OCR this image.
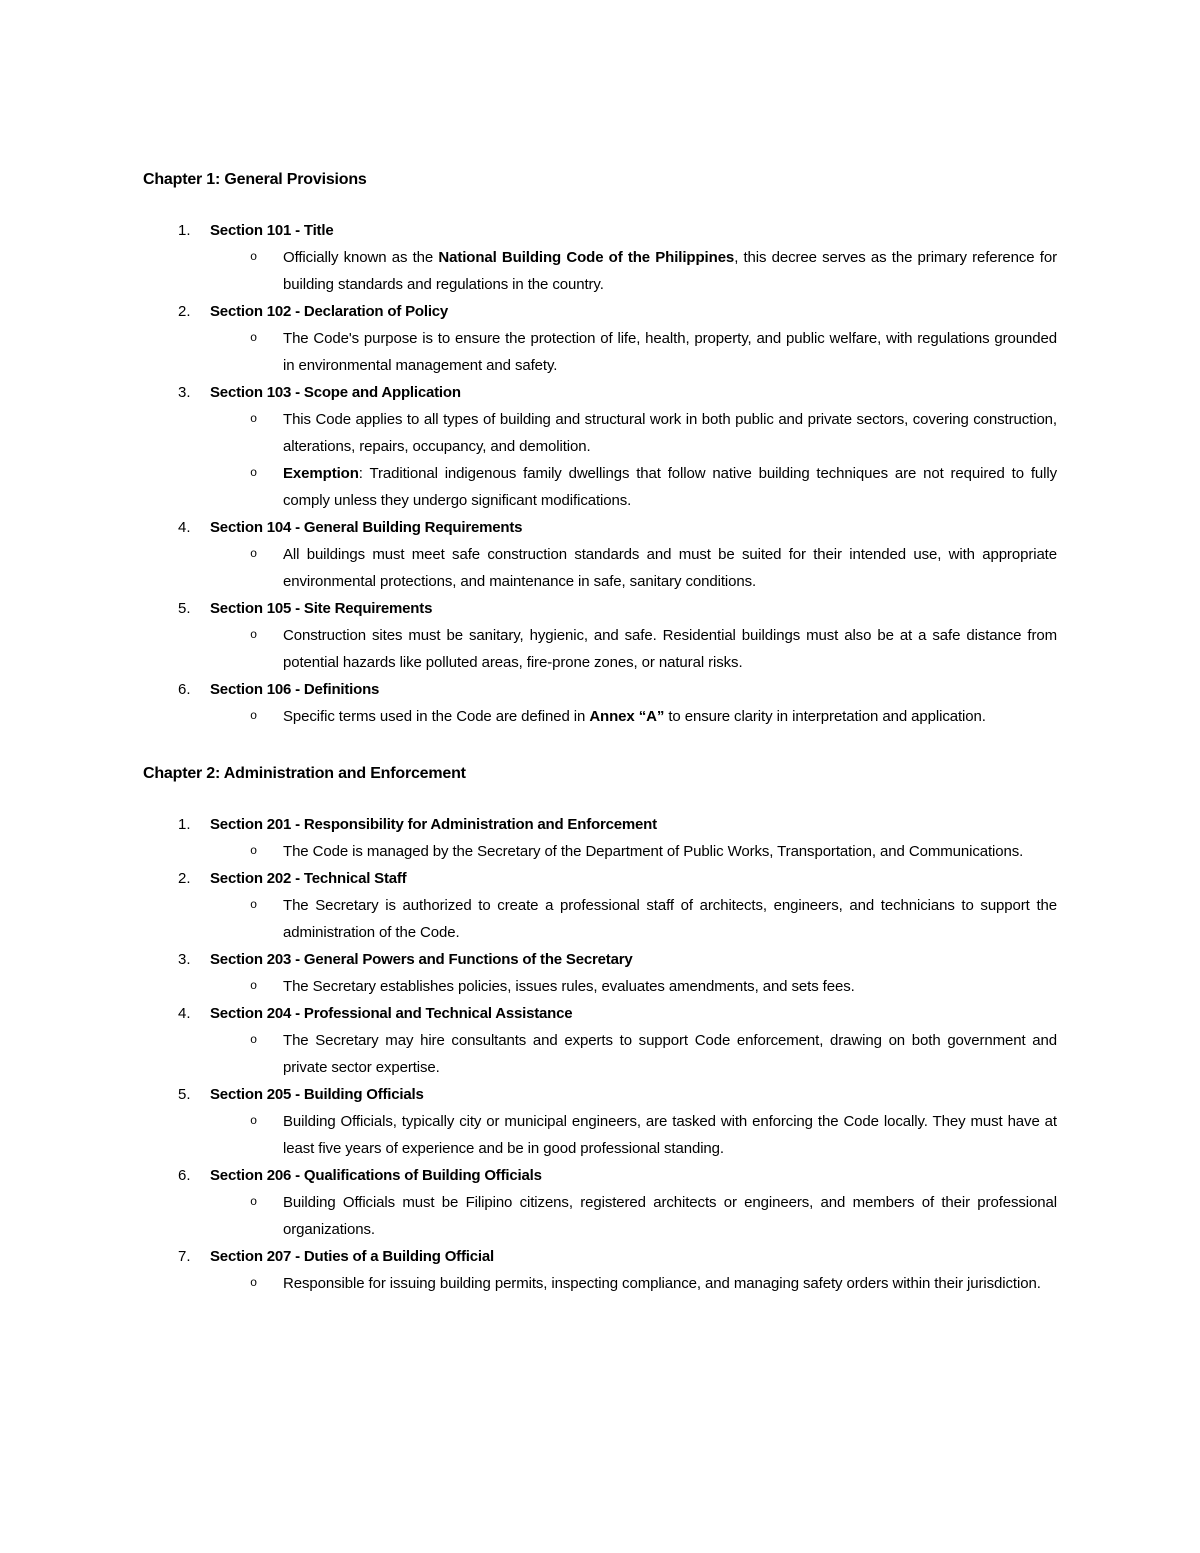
Chapter 1: General Provisions
1.	Section 101 - Title
o	Officially known as the National Building Code of the Philippines, this decree serves as the primary reference for building standards and regulations in the country.
2.	Section 102 - Declaration of Policy
o	The Code's purpose is to ensure the protection of life, health, property, and public welfare, with regulations grounded in environmental management and safety.
3.	Section 103 - Scope and Application
o	This Code applies to all types of building and structural work in both public and private sectors, covering construction, alterations, repairs, occupancy, and demolition.
o	Exemption: Traditional indigenous family dwellings that follow native building techniques are not required to fully comply unless they undergo significant modifications.
4.	Section 104 - General Building Requirements
o	All buildings must meet safe construction standards and must be suited for their intended use, with appropriate environmental protections, and maintenance in safe, sanitary conditions.
5.	Section 105 - Site Requirements
o	Construction sites must be sanitary, hygienic, and safe. Residential buildings must also be at a safe distance from potential hazards like polluted areas, fire-prone zones, or natural risks.
6.	Section 106 - Definitions
o	Specific terms used in the Code are defined in Annex “A” to ensure clarity in interpretation and application.
Chapter 2: Administration and Enforcement
1.	Section 201 - Responsibility for Administration and Enforcement
o	The Code is managed by the Secretary of the Department of Public Works, Transportation, and Communications.
2.	Section 202 - Technical Staff
o	The Secretary is authorized to create a professional staff of architects, engineers, and technicians to support the administration of the Code.
3.	Section 203 - General Powers and Functions of the Secretary
o	The Secretary establishes policies, issues rules, evaluates amendments, and sets fees.
4.	Section 204 - Professional and Technical Assistance
o	The Secretary may hire consultants and experts to support Code enforcement, drawing on both government and private sector expertise.
5.	Section 205 - Building Officials
o	Building Officials, typically city or municipal engineers, are tasked with enforcing the Code locally. They must have at least five years of experience and be in good professional standing.
6.	Section 206 - Qualifications of Building Officials
o	Building Officials must be Filipino citizens, registered architects or engineers, and members of their professional organizations.
7.	Section 207 - Duties of a Building Official
o	Responsible for issuing building permits, inspecting compliance, and managing safety orders within their jurisdiction.
